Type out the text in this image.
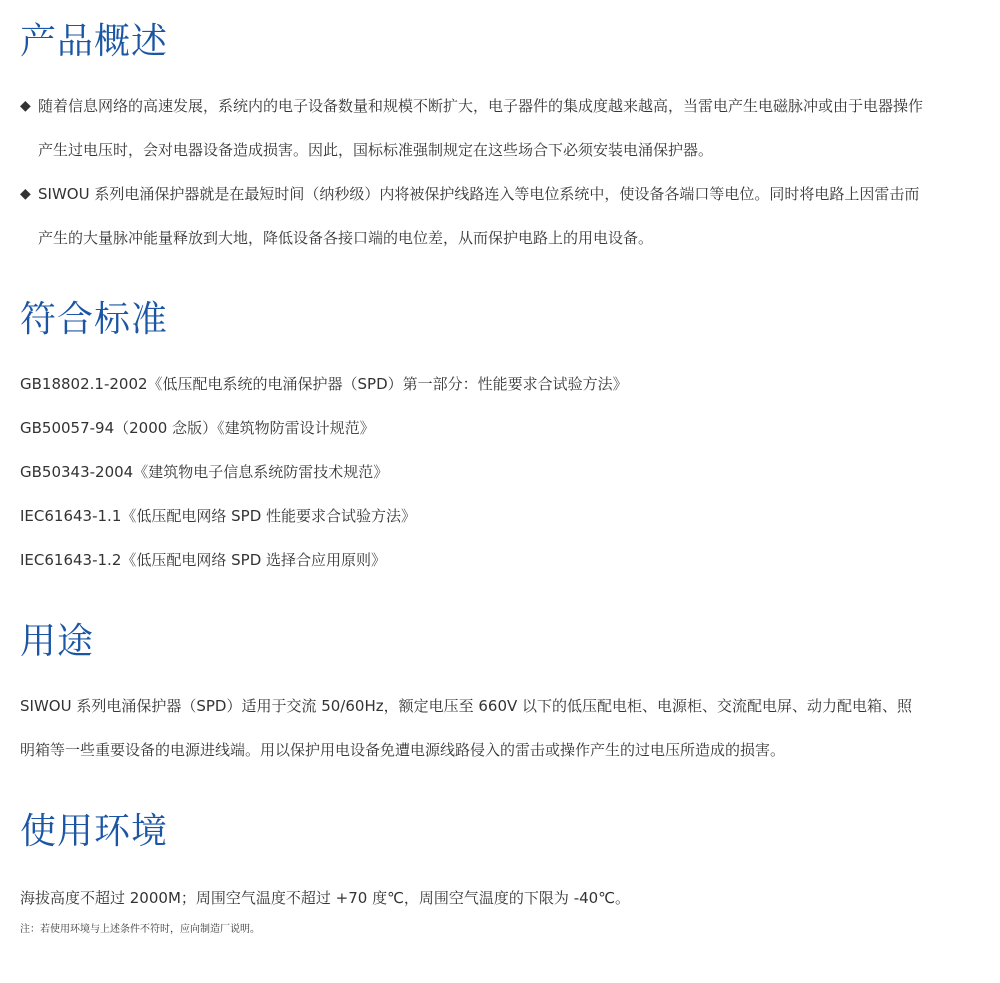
产品概述
◆ 随着信息网络的高速发展，系统内的电子设备数量和规模不断扩大，电子器件的集成度越来越高，当雷电产生电磁脉冲或由于电器操作
产生过电压时，会对电器设备造成损害。因此，国标标准强制规定在这些场合下必须安装电涌保护器。
◆ SIWOU 系列电涌保护器就是在最短时间（纳秒级）内将被保护线路连入等电位系统中，使设备各端口等电位。同时将电路上因雷击而
产生的大量脉冲能量释放到大地，降低设备各接口端的电位差，从而保护电路上的用电设备。
符合标准
GB18802.1-2002《低压配电系统的电涌保护器（SPD）第一部分：性能要求合试验方法》
GB50057-94（2000 念版）《建筑物防雷设计规范》
GB50343-2004《建筑物电子信息系统防雷技术规范》
IEC61643-1.1《低压配电网络 SPD 性能要求合试验方法》
IEC61643-1.2《低压配电网络 SPD 选择合应用原则》
用途
SIWOU 系列电涌保护器（SPD）适用于交流 50/60Hz，额定电压至 660V 以下的低压配电柜、电源柜、交流配电屏、动力配电箱、照
明箱等一些重要设备的电源进线端。用以保护用电设备免遭电源线路侵入的雷击或操作产生的过电压所造成的损害。
使用环境
海拔高度不超过 2000M；周围空气温度不超过 +70 度℃，周围空气温度的下限为 -40℃。
注：若使用环境与上述条件不符时，应向制造厂说明。
